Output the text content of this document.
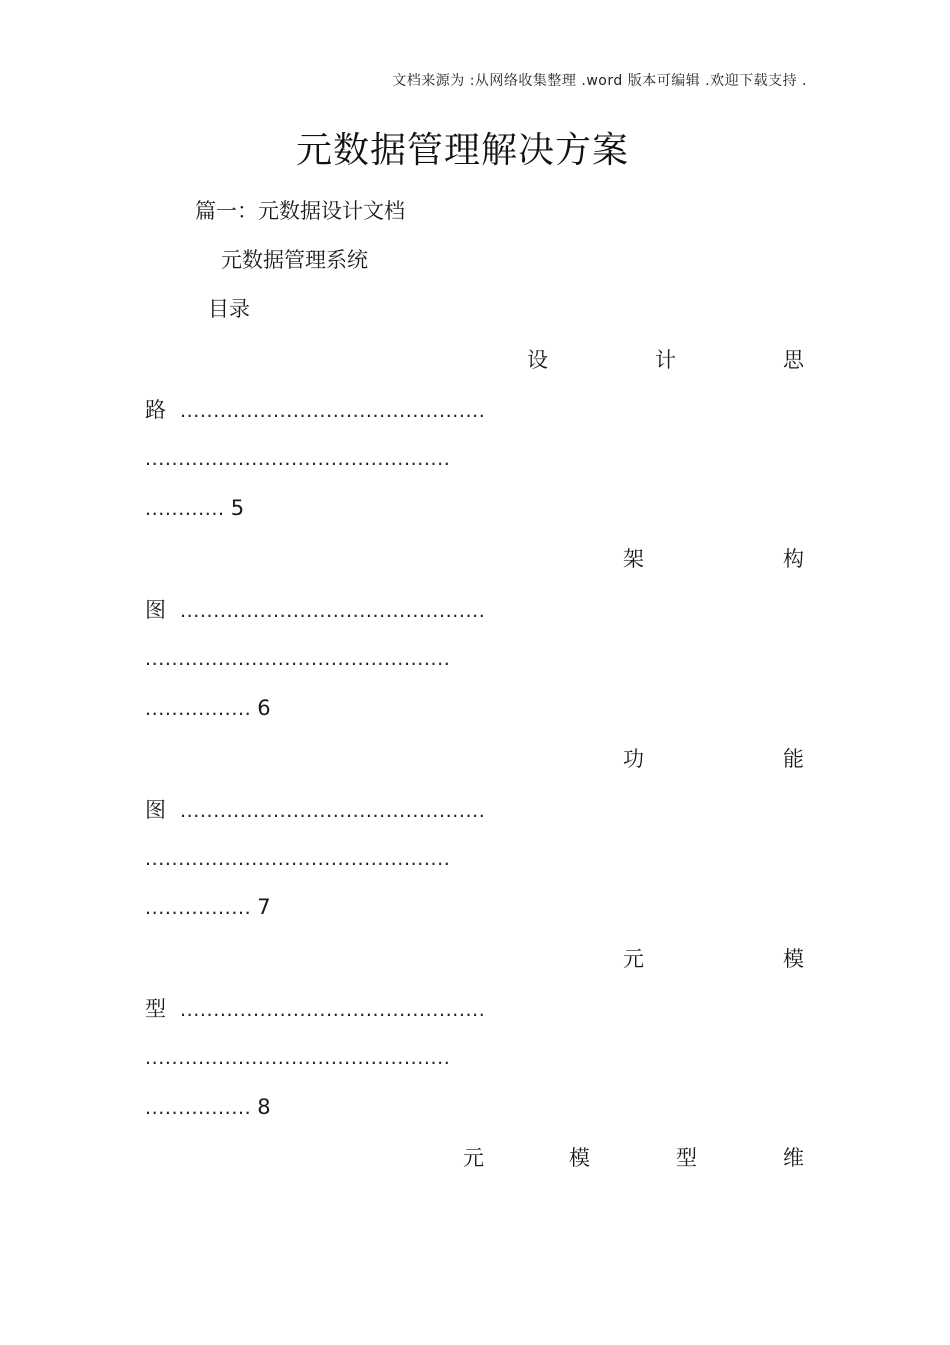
文档来源为 :从网络收集整理 .word 版本可编辑 .欢迎下载支持 .
元数据管理解决方案
篇一：元数据设计文档
元数据管理系统
目录
设	计	思
路 ..............................................
..............................................
............ 5
架	构
图 ..............................................
..............................................
................ 6
功	能
图 ..............................................
..............................................
................ 7
元	模
型 ..............................................
..............................................
................ 8
元	模	型	维
